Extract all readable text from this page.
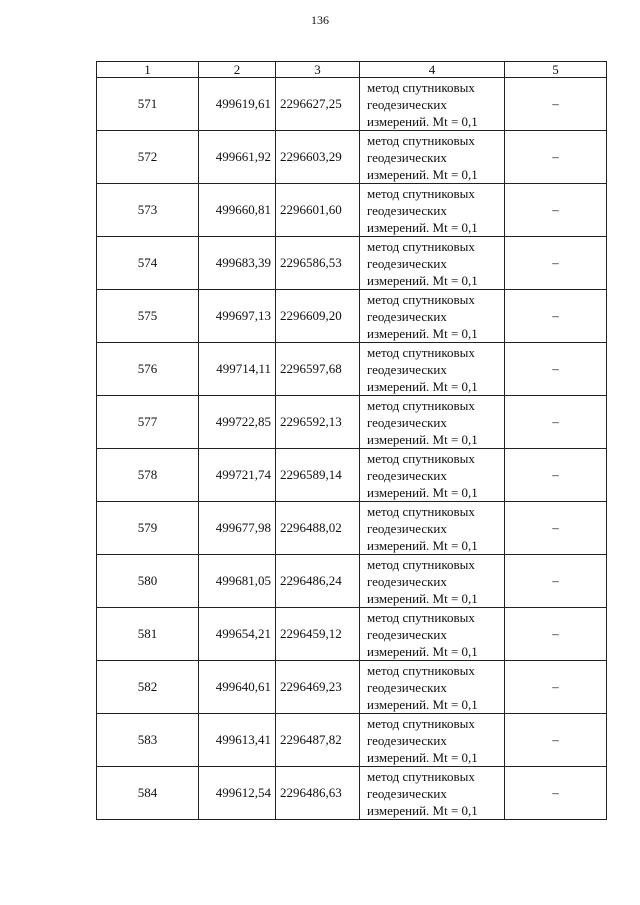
136
1	2	3	4	5
571	499619,61	2296627,25	метод спутниковых
геодезических
измерений. Mt = 0,1	–
572	499661,92	2296603,29	метод спутниковых
геодезических
измерений. Mt = 0,1	–
573	499660,81	2296601,60	метод спутниковых
геодезических
измерений. Mt = 0,1	–
574	499683,39	2296586,53	метод спутниковых
геодезических
измерений. Mt = 0,1	–
575	499697,13	2296609,20	метод спутниковых
геодезических
измерений. Mt = 0,1	–
576	499714,11	2296597,68	метод спутниковых
геодезических
измерений. Mt = 0,1	–
577	499722,85	2296592,13	метод спутниковых
геодезических
измерений. Mt = 0,1	–
578	499721,74	2296589,14	метод спутниковых
геодезических
измерений. Mt = 0,1	–
579	499677,98	2296488,02	метод спутниковых
геодезических
измерений. Mt = 0,1	–
580	499681,05	2296486,24	метод спутниковых
геодезических
измерений. Mt = 0,1	–
581	499654,21	2296459,12	метод спутниковых
геодезических
измерений. Mt = 0,1	–
582	499640,61	2296469,23	метод спутниковых
геодезических
измерений. Mt = 0,1	–
583	499613,41	2296487,82	метод спутниковых
геодезических
измерений. Mt = 0,1	–
584	499612,54	2296486,63	метод спутниковых
геодезических
измерений. Mt = 0,1	–
